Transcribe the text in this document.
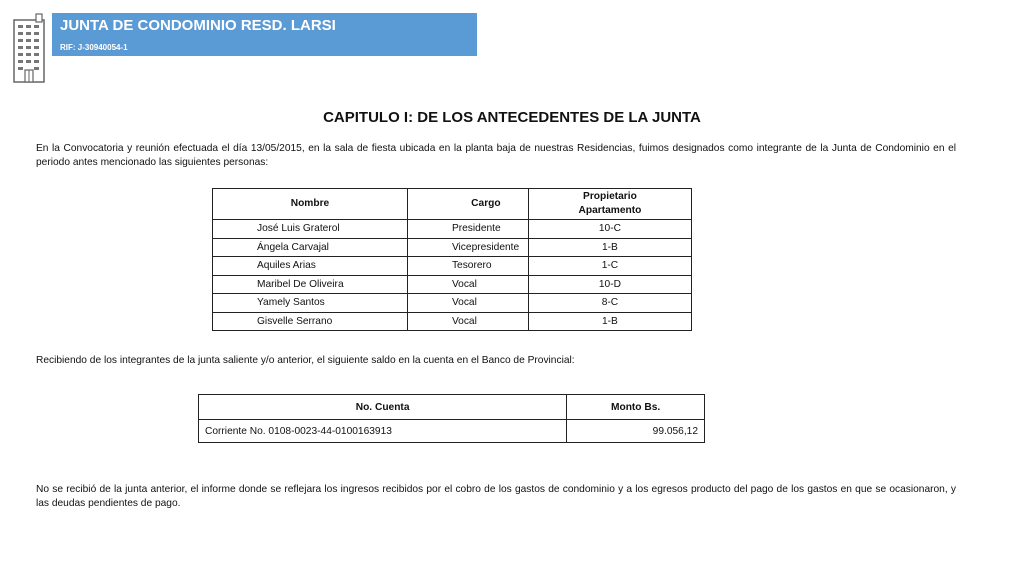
JUNTA DE CONDOMINIO RESD. LARSI
RIF: J-30940054-1
CAPITULO I: DE LOS ANTECEDENTES DE LA JUNTA
En la Convocatoria y reunión efectuada el día 13/05/2015, en la sala de fiesta ubicada en la planta baja de nuestras Residencias, fuimos designados como integrante de la Junta de Condominio en el periodo antes mencionado las siguientes personas:
Nombre	Cargo	Propietario Apartamento
José Luis Graterol	Presidente	10-C
Ángela Carvajal	Vicepresidente	1-B
Aquiles Arias	Tesorero	1-C
Maribel De Oliveira	Vocal	10-D
Yamely Santos	Vocal	8-C
Gisvelle Serrano	Vocal	1-B
Recibiendo de los integrantes de la junta saliente y/o anterior, el siguiente saldo en la cuenta en el Banco de Provincial:
No. Cuenta	Monto Bs.
Corriente No. 0108-0023-44-0100163913	99.056,12
No se recibió de la junta anterior, el informe donde se reflejara los ingresos recibidos por el cobro de los gastos de condominio y a los egresos producto del pago de los gastos en que se ocasionaron, y las deudas pendientes de pago.
